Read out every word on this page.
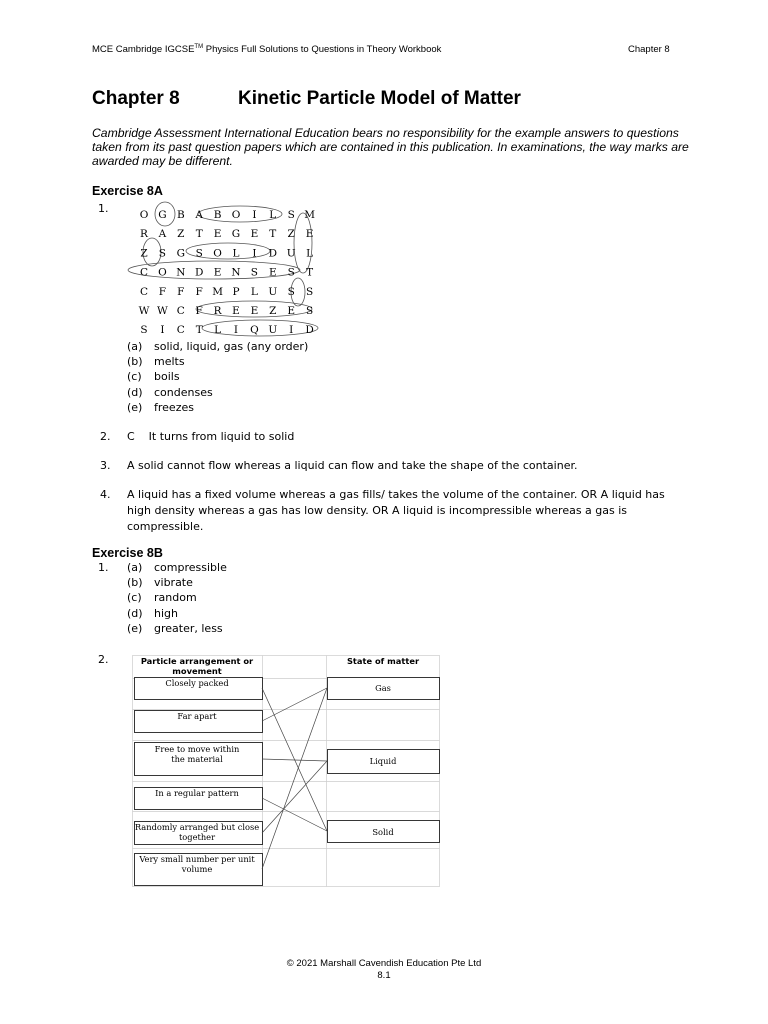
MCE Cambridge IGCSE™ Physics Full Solutions to Questions in Theory Workbook	Chapter 8
Chapter 8	Kinetic Particle Model of Matter
Cambridge Assessment International Education bears no responsibility for the example answers to questions taken from its past question papers which are contained in this publication. In examinations, the way marks are awarded may be different.
Exercise 8A
1.	O G B A B O I L S M
R A Z T E G E T Z E
Z S G S O L I D U L
C O N D E N S E S T
C F F F M P L U S S
W W C F R E E Z E S
S I C T L I Q U I D
(a)	solid, liquid, gas (any order)
(b)	melts
(c)	boils
(d)	condenses
(e)	freezes
2. C    It turns from liquid to solid
3. A solid cannot flow whereas a liquid can flow and take the shape of the container.
4. A liquid has a fixed volume whereas a gas fills/ takes the volume of the container. OR A liquid has high density whereas a gas has low density. OR A liquid is incompressible whereas a gas is compressible.
Exercise 8B
1. (a)	compressible
(b)	vibrate
(c)	random
(d)	high
(e)	greater, less
2.	Particle arrangement or
movement
State of matter
Closely packed
Far apart
Free to move within
the material
In a regular pattern
Randomly arranged but close
together
Very small number per unit
volume
Gas
Liquid
Solid
© 2021 Marshall Cavendish Education Pte Ltd
8.1
